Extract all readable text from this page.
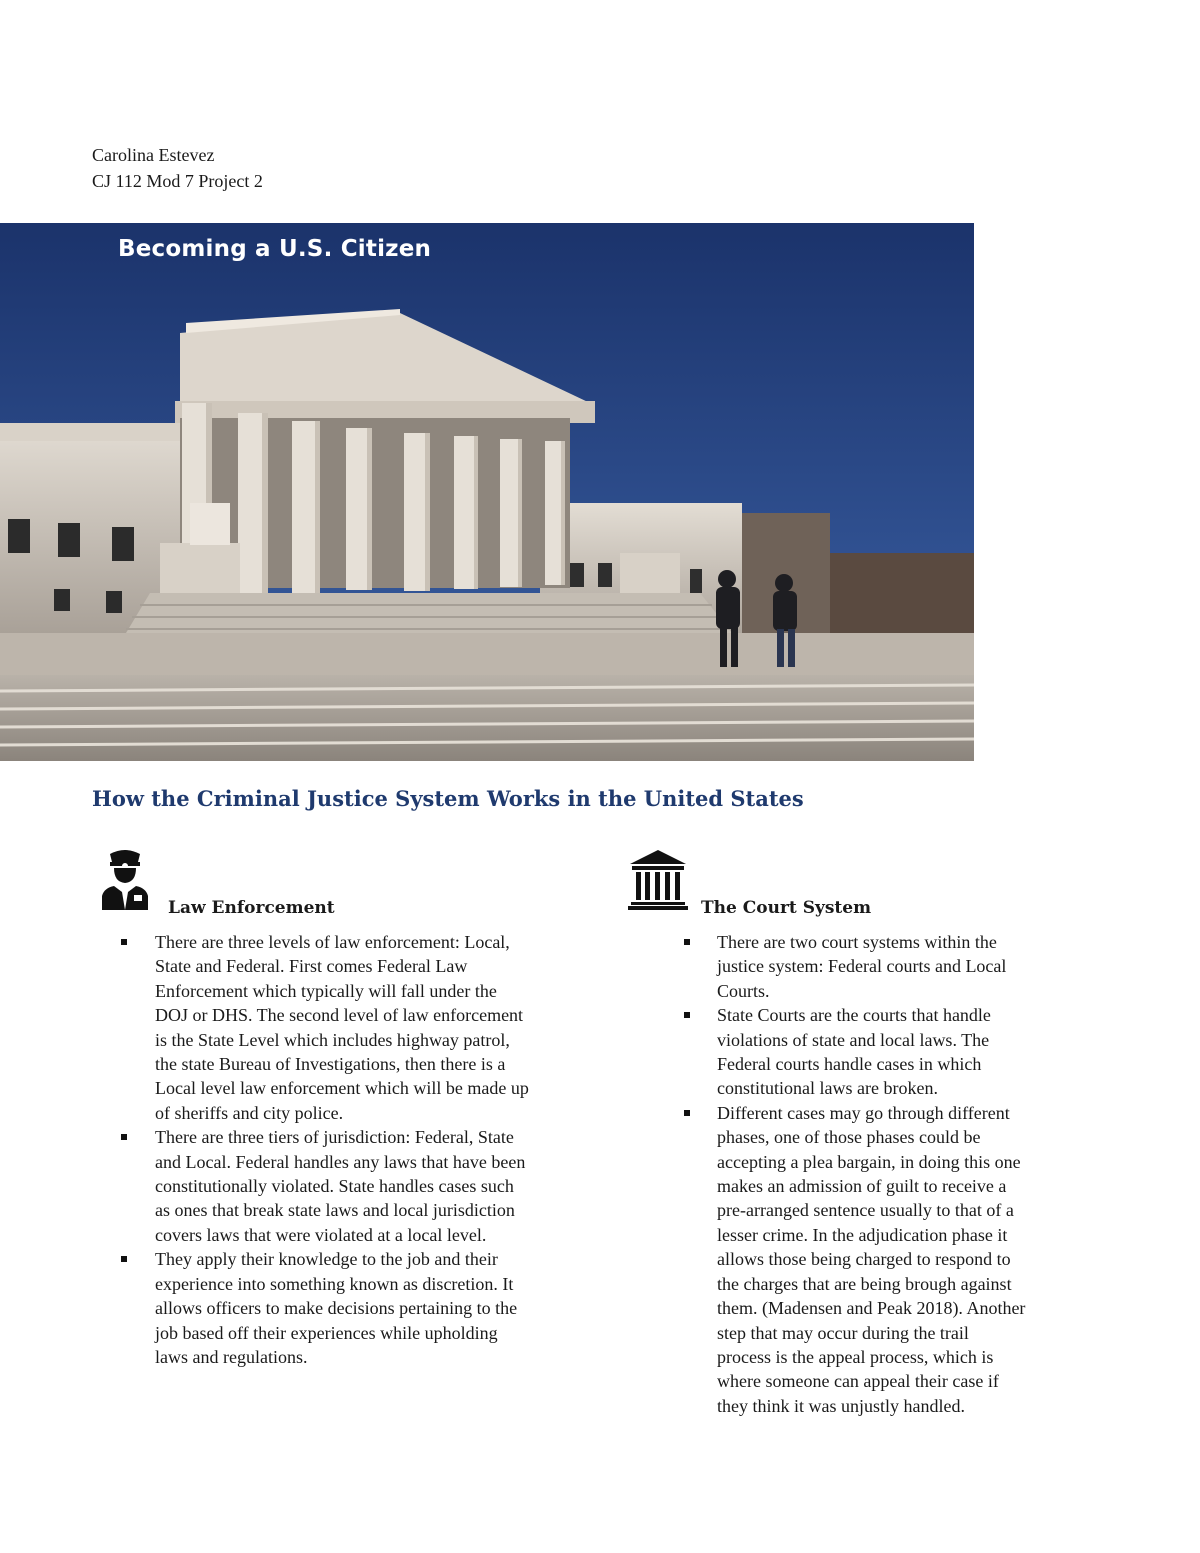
Carolina Estevez
CJ 112 Mod 7 Project 2
Becoming a U.S. Citizen
How the Criminal Justice System Works in the United States
Law Enforcement
There are three levels of law enforcement: Local, State and Federal. First comes Federal Law Enforcement which typically will fall under the DOJ or DHS. The second level of law enforcement is the State Level which includes highway patrol, the state Bureau of Investigations, then there is a Local level law enforcement which will be made up of sheriffs and city police.
There are three tiers of jurisdiction: Federal, State and Local. Federal handles any laws that have been constitutionally violated. State handles cases such as ones that break state laws and local jurisdiction covers laws that were violated at a local level.
They apply their knowledge to the job and their experience into something known as discretion. It allows officers to make decisions pertaining to the job based off their experiences while upholding laws and regulations.
The Court System
There are two court systems within the justice system: Federal courts and Local Courts.
State Courts are the courts that handle violations of state and local laws. The Federal courts handle cases in which constitutional laws are broken.
Different cases may go through different phases, one of those phases could be accepting a plea bargain, in doing this one makes an admission of guilt to receive a pre-arranged sentence usually to that of a lesser crime. In the adjudication phase it allows those being charged to respond to the charges that are being brough against them. (Madensen and Peak 2018). Another step that may occur during the trail process is the appeal process, which is where someone can appeal their case if they think it was unjustly handled.
